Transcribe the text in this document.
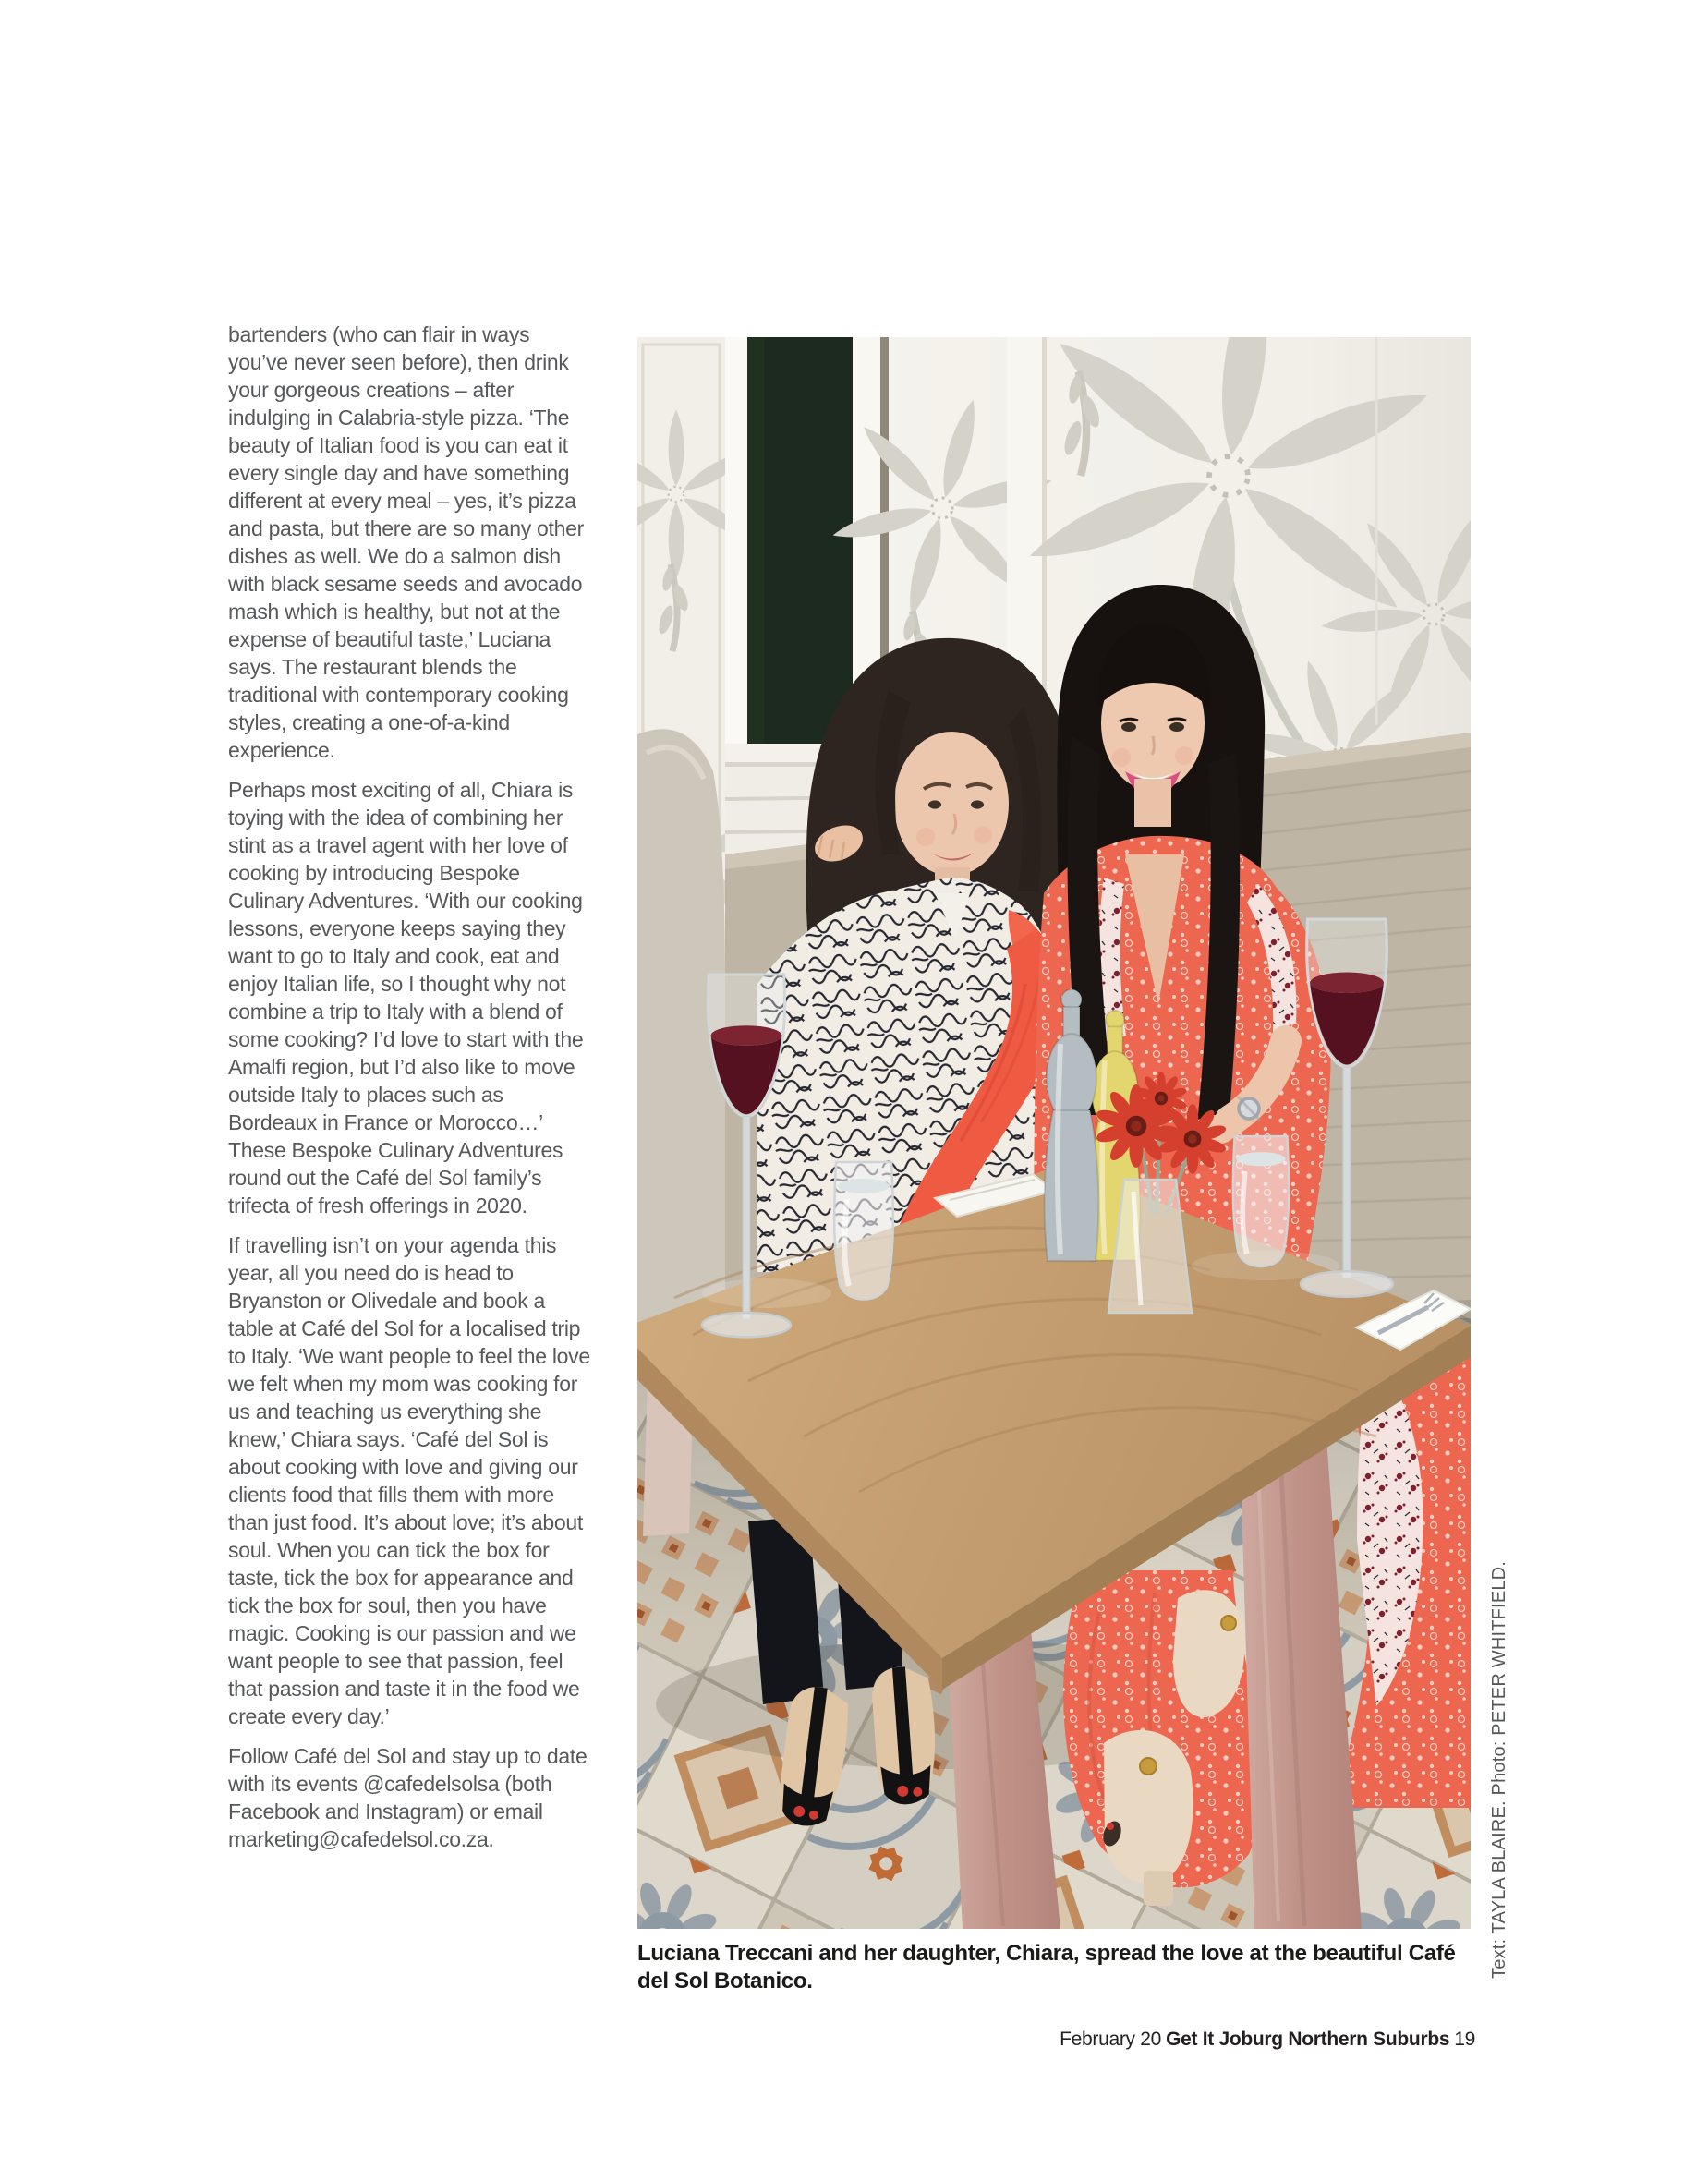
bartenders (who can flair in ways you’ve never seen before), then drink your gorgeous creations – after indulging in Calabria-style pizza. ‘The beauty of Italian food is you can eat it every single day and have something different at every meal – yes, it’s pizza and pasta, but there are so many other dishes as well. We do a salmon dish with black sesame seeds and avocado mash which is healthy, but not at the expense of beautiful taste,’ Luciana says. The restaurant blends the traditional with contemporary cooking styles, creating a one-of-a-kind experience.

Perhaps most exciting of all, Chiara is toying with the idea of combining her stint as a travel agent with her love of cooking by introducing Bespoke Culinary Adventures. ‘With our cooking lessons, everyone keeps saying they want to go to Italy and cook, eat and enjoy Italian life, so I thought why not combine a trip to Italy with a blend of some cooking? I’d love to start with the Amalfi region, but I’d also like to move outside Italy to places such as Bordeaux in France or Morocco…’ These Bespoke Culinary Adventures round out the Café del Sol family’s trifecta of fresh offerings in 2020.

If travelling isn’t on your agenda this year, all you need do is head to Bryanston or Olivedale and book a table at Café del Sol for a localised trip to Italy. ‘We want people to feel the love we felt when my mom was cooking for us and teaching us everything she knew,’ Chiara says. ‘Café del Sol is about cooking with love and giving our clients food that fills them with more than just food. It’s about love; it’s about soul. When you can tick the box for taste, tick the box for appearance and tick the box for soul, then you have magic. Cooking is our passion and we want people to see that passion, feel that passion and taste it in the food we create every day.’

Follow Café del Sol and stay up to date with its events @cafedelsolsa (both Facebook and Instagram) or email marketing@cafedelsol.co.za.

Luciana Treccani and her daughter, Chiara, spread the love at the beautiful Café del Sol Botanico.
Text: TAYLA BLAIRE. Photo: PETER WHITFIELD.
February 20 Get It Joburg Northern Suburbs 19
